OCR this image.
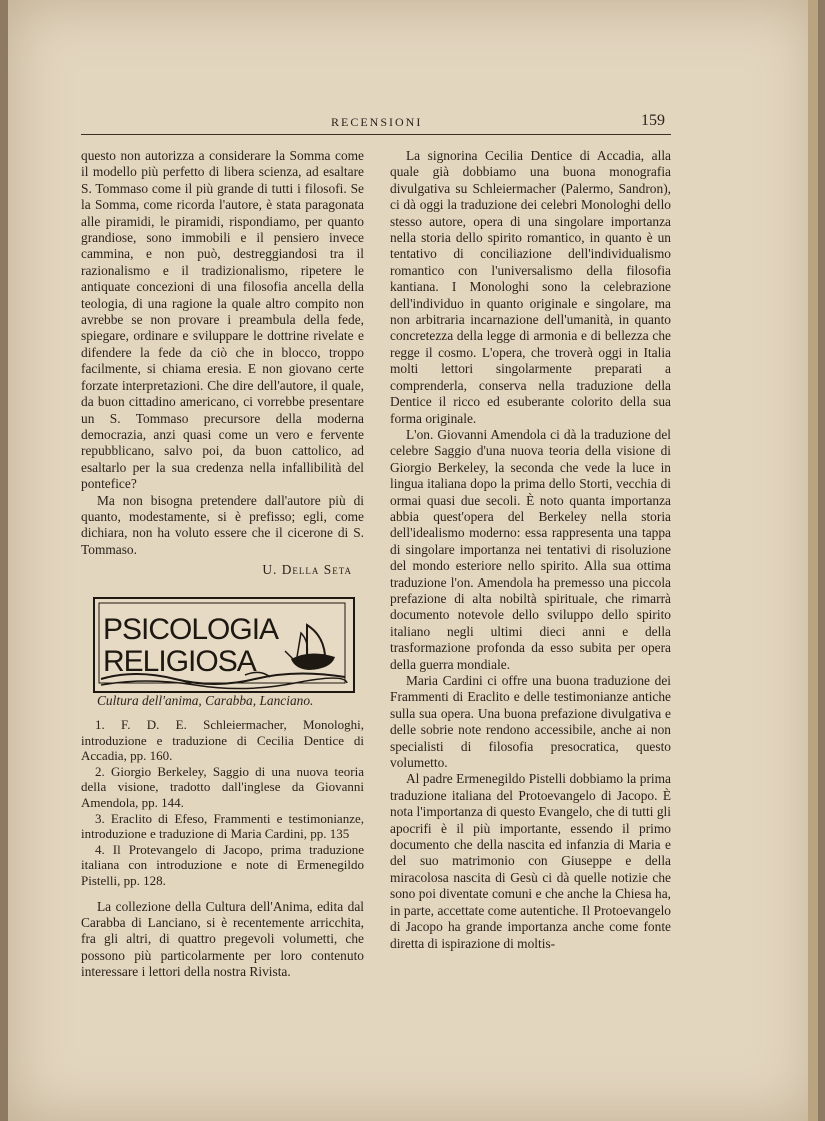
RECENSIONI	159

questo non autorizza a considerare la Somma come il modello più perfetto di libera scienza, ad esaltare S. Tommaso come il più grande di tutti i filosofi. Se la Somma, come ricorda l'autore, è stata paragonata alle piramidi, le piramidi, rispondiamo, per quanto grandiose, sono immobili e il pensiero invece cammina, e non può, destreggiandosi tra il razionalismo e il tradizionalismo, ripetere le antiquate concezioni di una filosofia ancella della teologia, di una ragione la quale altro compito non avrebbe se non provare i preambula della fede, spiegare, ordinare e sviluppare le dottrine rivelate e difendere la fede da ciò che in blocco, troppo facilmente, si chiama eresia. E non giovano certe forzate interpretazioni. Che dire dell'autore, il quale, da buon cittadino americano, ci vorrebbe presentare un S. Tommaso precursore della moderna democrazia, anzi quasi come un vero e fervente repubblicano, salvo poi, da buon cattolico, ad esaltarlo per la sua credenza nella infallibilità del pontefice?

Ma non bisogna pretendere dall'autore più di quanto, modestamente, si è prefisso; egli, come dichiara, non ha voluto essere che il cicerone di S. Tommaso.

U. Della Seta
PSICOLOGIA
RELIGIOSA

Cultura dell'anima, Carabba, Lanciano.

1. F. D. E. Schleiermacher, Monologhi, introduzione e traduzione di Cecilia Dentice di Accadia, pp. 160.

2. Giorgio Berkeley, Saggio di una nuova teoria della visione, tradotto dall'inglese da Giovanni Amendola, pp. 144.

3. Eraclito di Efeso, Frammenti e testimonianze, introduzione e traduzione di Maria Cardini, pp. 135

4. Il Protevangelo di Jacopo, prima traduzione italiana con introduzione e note di Ermenegildo Pistelli, pp. 128.

La collezione della Cultura dell'Anima, edita dal Carabba di Lanciano, si è recentemente arricchita, fra gli altri, di quattro pregevoli volumetti, che possono più particolarmente per loro contenuto interessare i lettori della nostra Rivista.

La signorina Cecilia Dentice di Accadia, alla quale già dobbiamo una buona monografia divulgativa su Schleiermacher (Palermo, Sandron), ci dà oggi la traduzione dei celebri Monologhi dello stesso autore, opera di una singolare importanza nella storia dello spirito romantico, in quanto è un tentativo di conciliazione dell'individualismo romantico con l'universalismo della filosofia kantiana. I Monologhi sono la celebrazione dell'individuo in quanto originale e singolare, ma non arbitraria incarnazione dell'umanità, in quanto concretezza della legge di armonia e di bellezza che regge il cosmo. L'opera, che troverà oggi in Italia molti lettori singolarmente preparati a comprenderla, conserva nella traduzione della Dentice il ricco ed esuberante colorito della sua forma originale.

L'on. Giovanni Amendola ci dà la traduzione del celebre Saggio d'una nuova teoria della visione di Giorgio Berkeley, la seconda che vede la luce in lingua italiana dopo la prima dello Storti, vecchia di ormai quasi due secoli. È noto quanta importanza abbia quest'opera del Berkeley nella storia dell'idealismo moderno: essa rappresenta una tappa di singolare importanza nei tentativi di risoluzione del mondo esteriore nello spirito. Alla sua ottima traduzione l'on. Amendola ha premesso una piccola prefazione di alta nobiltà spirituale, che rimarrà documento notevole dello sviluppo dello spirito italiano negli ultimi dieci anni e della trasformazione profonda da esso subita per opera della guerra mondiale.

Maria Cardini ci offre una buona traduzione dei Frammenti di Eraclito e delle testimonianze antiche sulla sua opera. Una buona prefazione divulgativa e delle sobrie note rendono accessibile, anche ai non specialisti di filosofia presocratica, questo volumetto.

Al padre Ermenegildo Pistelli dobbiamo la prima traduzione italiana del Protoevangelo di Jacopo. È nota l'importanza di questo Evangelo, che di tutti gli apocrifi è il più importante, essendo il primo documento che della nascita ed infanzia di Maria e del suo matrimonio con Giuseppe e della miracolosa nascita di Gesù ci dà quelle notizie che sono poi diventate comuni e che anche la Chiesa ha, in parte, accettate come autentiche. Il Protoevangelo di Jacopo ha grande importanza anche come fonte diretta di ispirazione di moltis-
